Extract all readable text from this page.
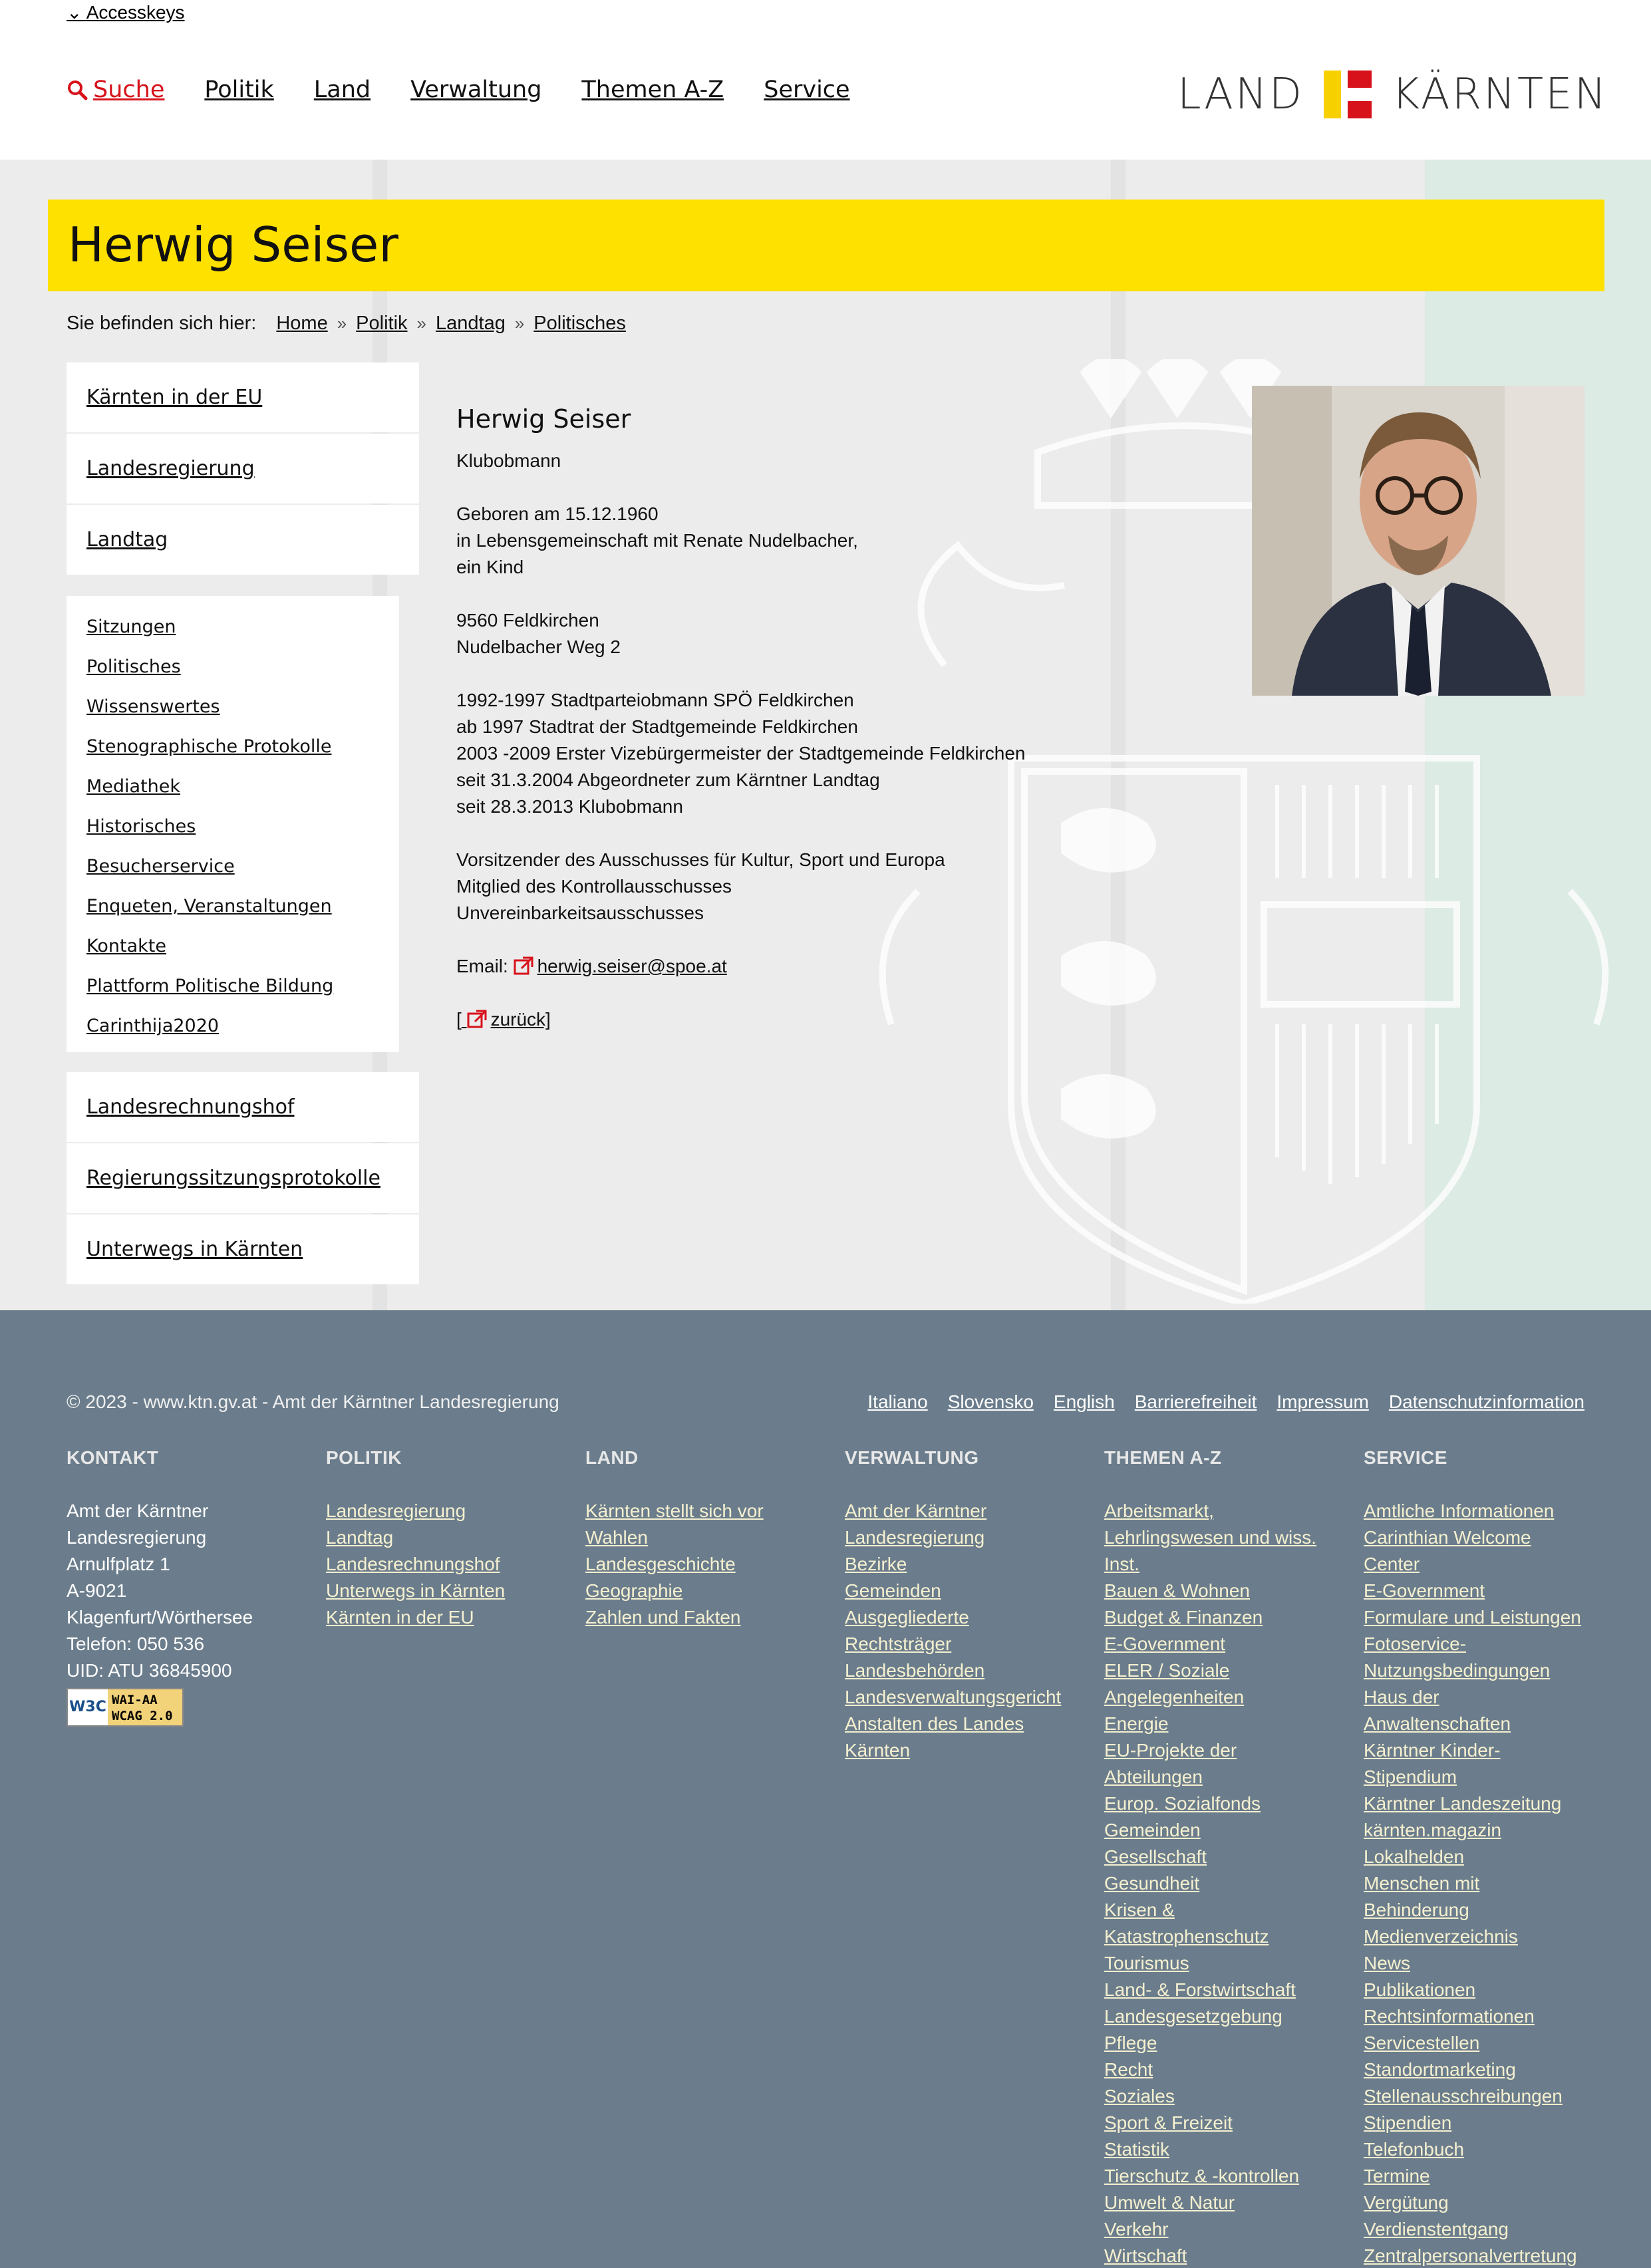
⌄ Accesskeys
Suche Politik Land Verwaltung Themen A-Z Service	LAND KÄRNTEN
Herwig Seiser
Sie befinden sich hier: Home » Politik » Landtag » Politisches
Kärnten in der EU
Landesregierung
Landtag
Sitzungen
Politisches
Wissenswertes
Stenographische Protokolle
Mediathek
Historisches
Besucherservice
Enqueten, Veranstaltungen
Kontakte
Plattform Politische Bildung
Carinthija2020
Landesrechnungshof
Regierungssitzungsprotokolle
Unterwegs in Kärnten
Herwig Seiser
Klubobmann
Geboren am 15.12.1960
in Lebensgemeinschaft mit Renate Nudelbacher,
ein Kind
9560 Feldkirchen
Nudelbacher Weg 2
1992-1997 Stadtparteiobmann SPÖ Feldkirchen
ab 1997 Stadtrat der Stadtgemeinde Feldkirchen
2003 -2009 Erster Vizebürgermeister der Stadtgemeinde Feldkirchen
seit 31.3.2004 Abgeordneter zum Kärntner Landtag
seit 28.3.2013 Klubobmann
Vorsitzender des Ausschusses für Kultur, Sport und Europa
Mitglied des Kontrollausschusses
Unvereinbarkeitsausschusses
Email: herwig.seiser@spoe.at
[ zurück]
© 2023 - www.ktn.gv.at - Amt der Kärntner Landesregierung	Italiano Slovensko English Barrierefreiheit Impressum Datenschutzinformation
KONTAKT
Amt der Kärntner
Landesregierung
Arnulfplatz 1
A-9021
Klagenfurt/Wörthersee
Telefon: 050 536
UID: ATU 36845900
W3C WAI-AA
WCAG 2.0
POLITIK
Landesregierung
Landtag
Landesrechnungshof
Unterwegs in Kärnten
Kärnten in der EU
LAND
Kärnten stellt sich vor
Wahlen
Landesgeschichte
Geographie
Zahlen und Fakten
VERWALTUNG
Amt der Kärntner
Landesregierung
Bezirke
Gemeinden
Ausgegliederte
Rechtsträger
Landesbehörden
Landesverwaltungsgericht
Anstalten des Landes
Kärnten
THEMEN A-Z
Arbeitsmarkt,
Lehrlingswesen und wiss.
Inst.
Bauen & Wohnen
Budget & Finanzen
E-Government
ELER / Soziale
Angelegenheiten
Energie
EU-Projekte der
Abteilungen
Europ. Sozialfonds
Gemeinden
Gesellschaft
Gesundheit
Krisen &
Katastrophenschutz
Tourismus
Land- & Forstwirtschaft
Landesgesetzgebung
Pflege
Recht
Soziales
Sport & Freizeit
Statistik
Tierschutz & -kontrollen
Umwelt & Natur
Verkehr
Wirtschaft
SERVICE
Amtliche Informationen
Carinthian Welcome
Center
E-Government
Formulare und Leistungen
Fotoservice-
Nutzungsbedingungen
Haus der
Anwaltenschaften
Kärntner Kinder-
Stipendium
Kärntner Landeszeitung
kärnten.magazin
Lokalhelden
Menschen mit
Behinderung
Medienverzeichnis
News
Publikationen
Rechtsinformationen
Servicestellen
Standortmarketing
Stellenausschreibungen
Stipendien
Telefonbuch
Termine
Vergütung
Verdienstentgang
Zentralpersonalvertretung
